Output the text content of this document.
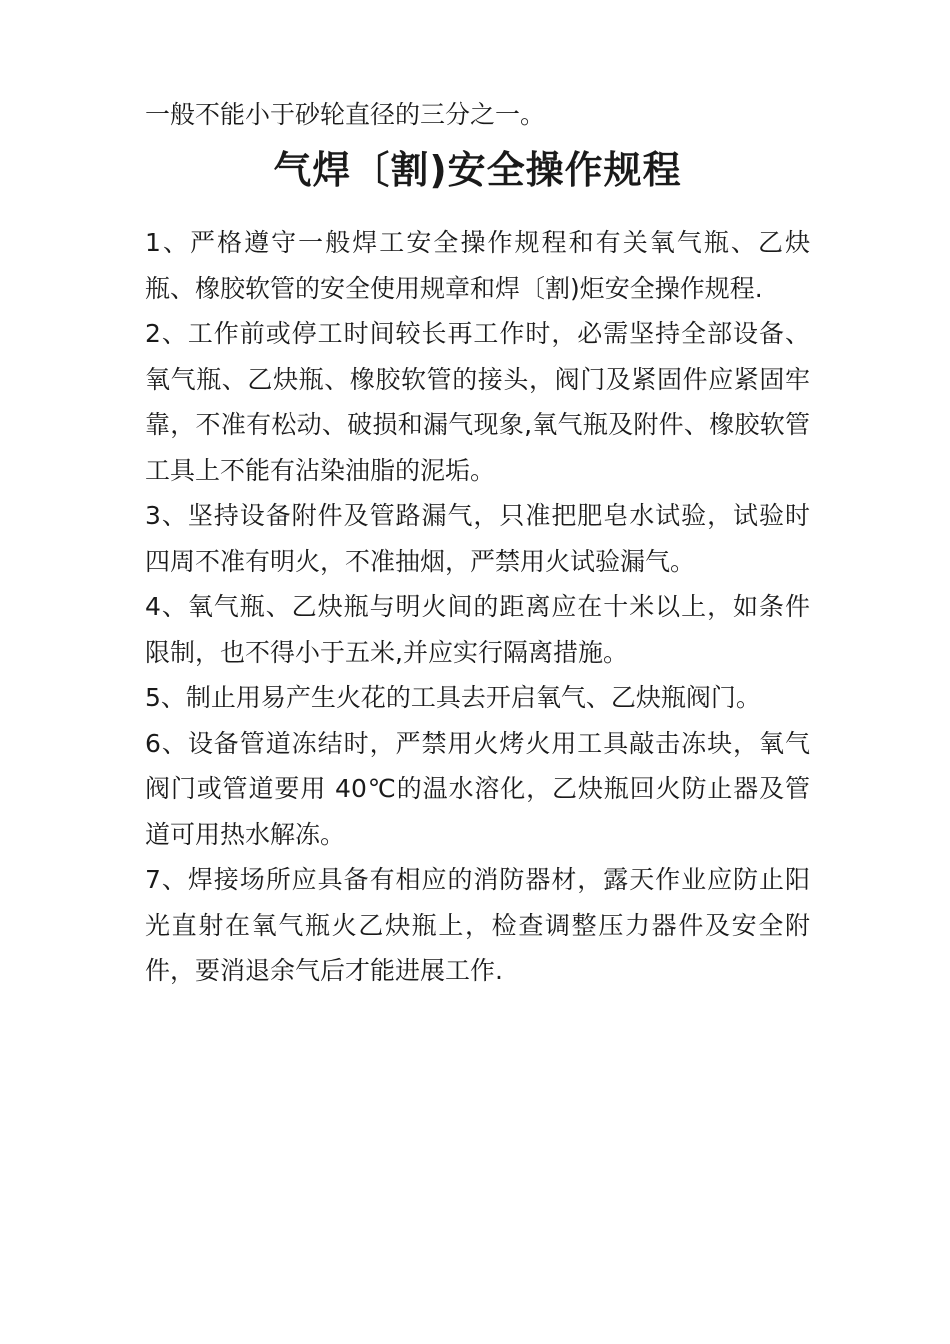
一般不能小于砂轮直径的三分之一。

气焊〔割)安全操作规程

1、严格遵守一般焊工安全操作规程和有关氧气瓶、乙炔瓶、橡胶软管的安全使用规章和焊〔割)炬安全操作规程.

2、工作前或停工时间较长再工作时，必需坚持全部设备、氧气瓶、乙炔瓶、橡胶软管的接头，阀门及紧固件应紧固牢靠，不准有松动、破损和漏气现象,氧气瓶及附件、橡胶软管工具上不能有沾染油脂的泥垢。

3、坚持设备附件及管路漏气，只准把肥皂水试验，试验时四周不准有明火，不准抽烟，严禁用火试验漏气。

4、氧气瓶、乙炔瓶与明火间的距离应在十米以上，如条件限制，也不得小于五米,并应实行隔离措施。

5、制止用易产生火花的工具去开启氧气、乙炔瓶阀门。

6、设备管道冻结时，严禁用火烤火用工具敲击冻块，氧气阀门或管道要用 40℃的温水溶化，乙炔瓶回火防止器及管道可用热水解冻。

7、焊接场所应具备有相应的消防器材，露天作业应防止阳光直射在氧气瓶火乙炔瓶上，检查调整压力器件及安全附件，要消退余气后才能进展工作.
